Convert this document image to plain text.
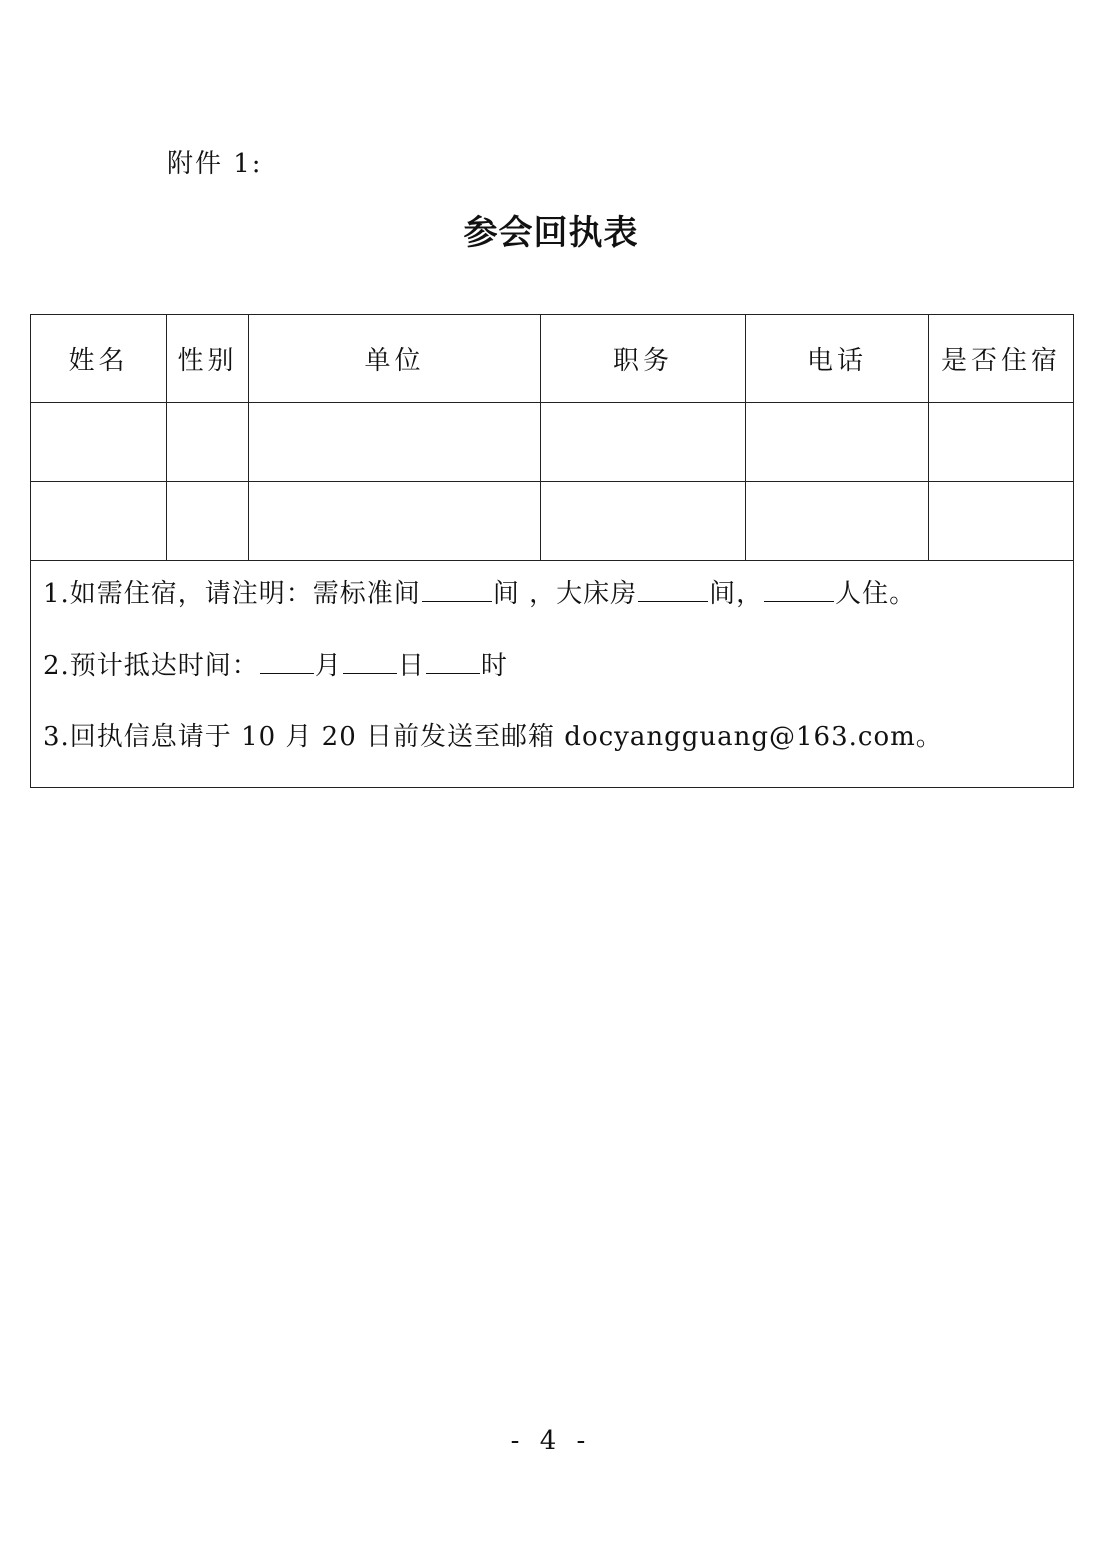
附件 1:
参会回执表
姓名	性别	单位	职务	电话	是否住宿

1.如需住宿，请注明：需标准间 间 ，大床房 间， 人住。
2.预计抵达时间： 月 日 时
3.回执信息请于 10 月 20 日前发送至邮箱 docyangguang@163.com。					
- 4 -
